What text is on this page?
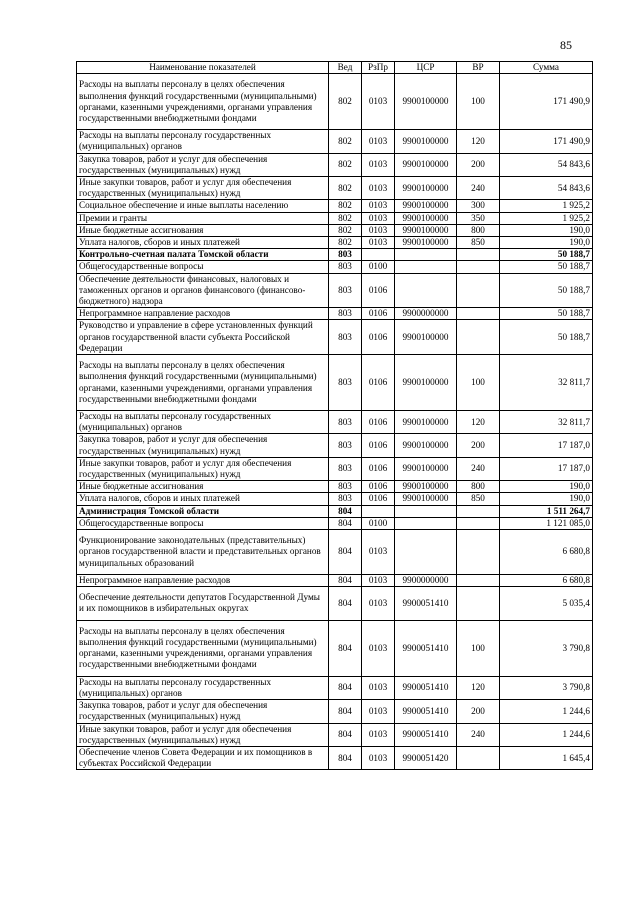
85
Наименование показателей	Вед	РзПр	ЦСР	ВР	Сумма
Расходы на выплаты персоналу в целях обеспечения выполнения функций государственными (муниципальными) органами, казенными учреждениями, органами управления государственными внебюджетными фондами	802	0103	9900100000	100	171 490,9
Расходы на выплаты персоналу государственных (муниципальных) органов	802	0103	9900100000	120	171 490,9
Закупка товаров, работ и услуг для обеспечения государственных (муниципальных) нужд	802	0103	9900100000	200	54 843,6
Иные закупки товаров, работ и услуг для обеспечения государственных (муниципальных) нужд	802	0103	9900100000	240	54 843,6
Социальное обеспечение и иные выплаты населению	802	0103	9900100000	300	1 925,2
Премии и гранты	802	0103	9900100000	350	1 925,2
Иные бюджетные ассигнования	802	0103	9900100000	800	190,0
Уплата налогов, сборов и иных платежей	802	0103	9900100000	850	190,0
Контрольно-счетная палата Томской области	803				50 188,7
Общегосударственные вопросы	803	0100			50 188,7
Обеспечение деятельности финансовых, налоговых и таможенных органов и органов финансового (финансово-бюджетного) надзора	803	0106			50 188,7
Непрограммное направление расходов	803	0106	9900000000		50 188,7
Руководство и управление в сфере установленных функций органов государственной власти субъекта Российской Федерации	803	0106	9900100000		50 188,7
Расходы на выплаты персоналу в целях обеспечения выполнения функций государственными (муниципальными) органами, казенными учреждениями, органами управления государственными внебюджетными фондами	803	0106	9900100000	100	32 811,7
Расходы на выплаты персоналу государственных (муниципальных) органов	803	0106	9900100000	120	32 811,7
Закупка товаров, работ и услуг для обеспечения государственных (муниципальных) нужд	803	0106	9900100000	200	17 187,0
Иные закупки товаров, работ и услуг для обеспечения государственных (муниципальных) нужд	803	0106	9900100000	240	17 187,0
Иные бюджетные ассигнования	803	0106	9900100000	800	190,0
Уплата налогов, сборов и иных платежей	803	0106	9900100000	850	190,0
Администрация Томской области	804				1 511 264,7
Общегосударственные вопросы	804	0100			1 121 085,0
Функционирование законодательных (представительных) органов государственной власти и представительных органов муниципальных образований	804	0103			6 680,8
Непрограммное направление расходов	804	0103	9900000000		6 680,8
Обеспечение деятельности депутатов Государственной Думы и их помощников в избирательных округах	804	0103	9900051410		5 035,4
Расходы на выплаты персоналу в целях обеспечения выполнения функций государственными (муниципальными) органами, казенными учреждениями, органами управления государственными внебюджетными фондами	804	0103	9900051410	100	3 790,8
Расходы на выплаты персоналу государственных (муниципальных) органов	804	0103	9900051410	120	3 790,8
Закупка товаров, работ и услуг для обеспечения государственных (муниципальных) нужд	804	0103	9900051410	200	1 244,6
Иные закупки товаров, работ и услуг для обеспечения государственных (муниципальных) нужд	804	0103	9900051410	240	1 244,6
Обеспечение членов Совета Федерации и их помощников в субъектах Российской Федерации	804	0103	9900051420		1 645,4
